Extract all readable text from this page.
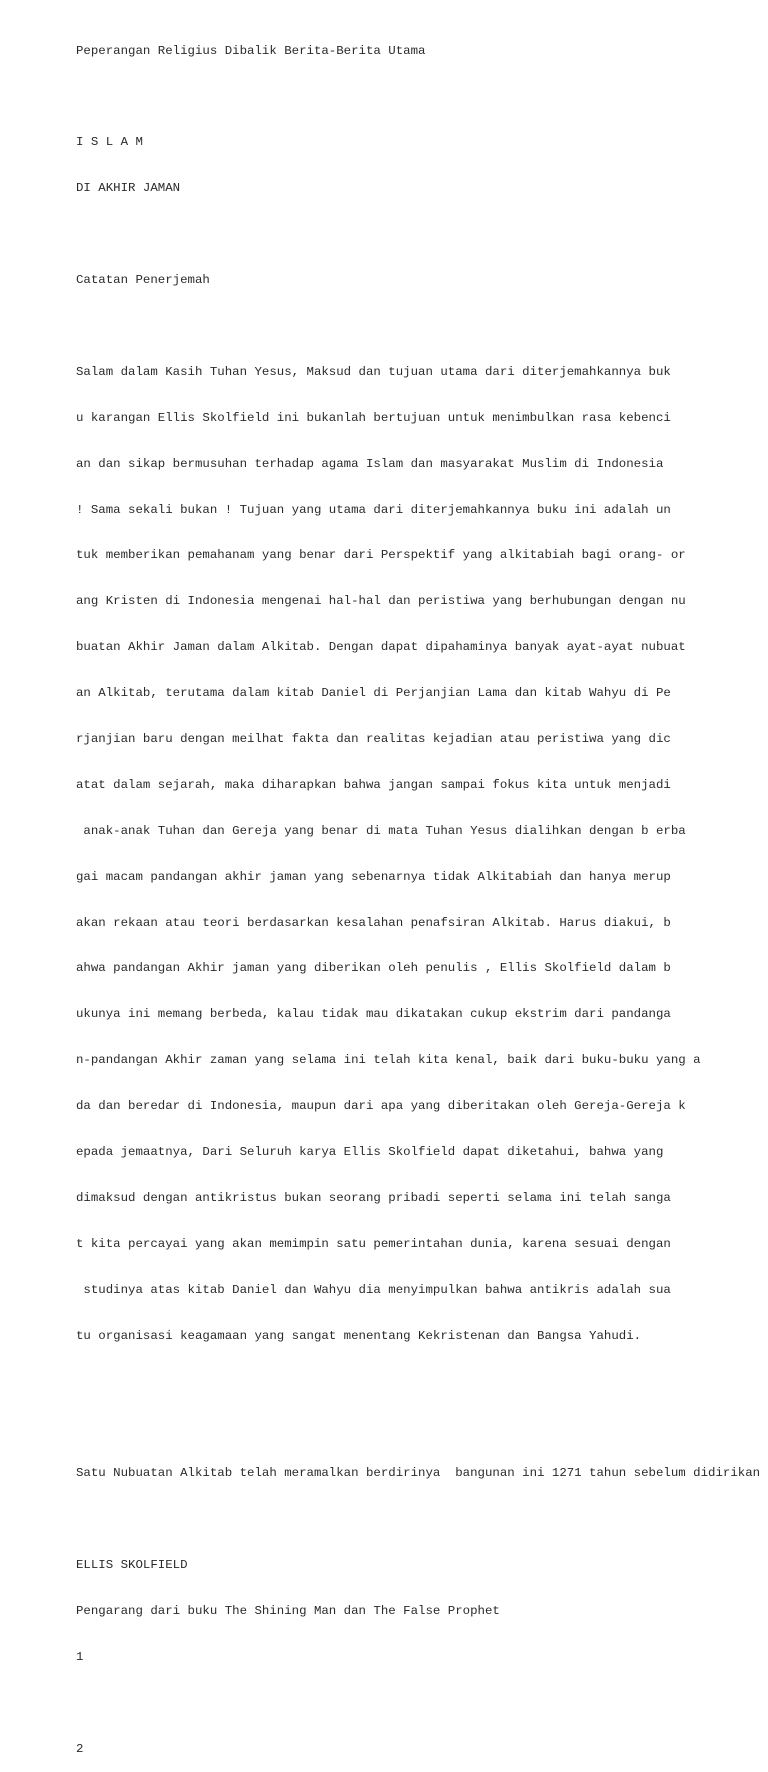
Peperangan Religius Dibalik Berita-Berita Utama

I S L A M

DI AKHIR JAMAN

Catatan Penerjemah

Salam dalam Kasih Tuhan Yesus, Maksud dan tujuan utama dari diterjemahkannya buk

u karangan Ellis Skolfield ini bukanlah bertujuan untuk menimbulkan rasa kebenci

an dan sikap bermusuhan terhadap agama Islam dan masyarakat Muslim di Indonesia

! Sama sekali bukan ! Tujuan yang utama dari diterjemahkannya buku ini adalah un

tuk memberikan pemahanam yang benar dari Perspektif yang alkitabiah bagi orang- or

ang Kristen di Indonesia mengenai hal-hal dan peristiwa yang berhubungan dengan nu

buatan Akhir Jaman dalam Alkitab. Dengan dapat dipahaminya banyak ayat-ayat nubuat

an Alkitab, terutama dalam kitab Daniel di Perjanjian Lama dan kitab Wahyu di Pe

rjanjian baru dengan meilhat fakta dan realitas kejadian atau peristiwa yang dic

atat dalam sejarah, maka diharapkan bahwa jangan sampai fokus kita untuk menjadi

anak-anak Tuhan dan Gereja yang benar di mata Tuhan Yesus dialihkan dengan b erba

gai macam pandangan akhir jaman yang sebenarnya tidak Alkitabiah dan hanya merup

akan rekaan atau teori berdasarkan kesalahan penafsiran Alkitab. Harus diakui, b

ahwa pandangan Akhir jaman yang diberikan oleh penulis , Ellis Skolfield dalam b

ukunya ini memang berbeda, kalau tidak mau dikatakan cukup ekstrim dari pandanga

n-pandangan Akhir zaman yang selama ini telah kita kenal, baik dari buku-buku yang a

da dan beredar di Indonesia, maupun dari apa yang diberitakan oleh Gereja-Gereja k

epada jemaatnya, Dari Seluruh karya Ellis Skolfield dapat diketahui, bahwa yang

dimaksud dengan antikristus bukan seorang pribadi seperti selama ini telah sanga

t kita percayai yang akan memimpin satu pemerintahan dunia, karena sesuai dengan

studinya atas kitab Daniel dan Wahyu dia menyimpulkan bahwa antikris adalah sua

tu organisasi keagamaan yang sangat menentang Kekristenan dan Bangsa Yahudi.

Satu Nubuatan Alkitab telah meramalkan berdirinya  bangunan ini 1271 tahun sebelum didirikan

ELLIS SKOLFIELD

Pengarang dari buku The Shining Man dan The False Prophet

1

2
